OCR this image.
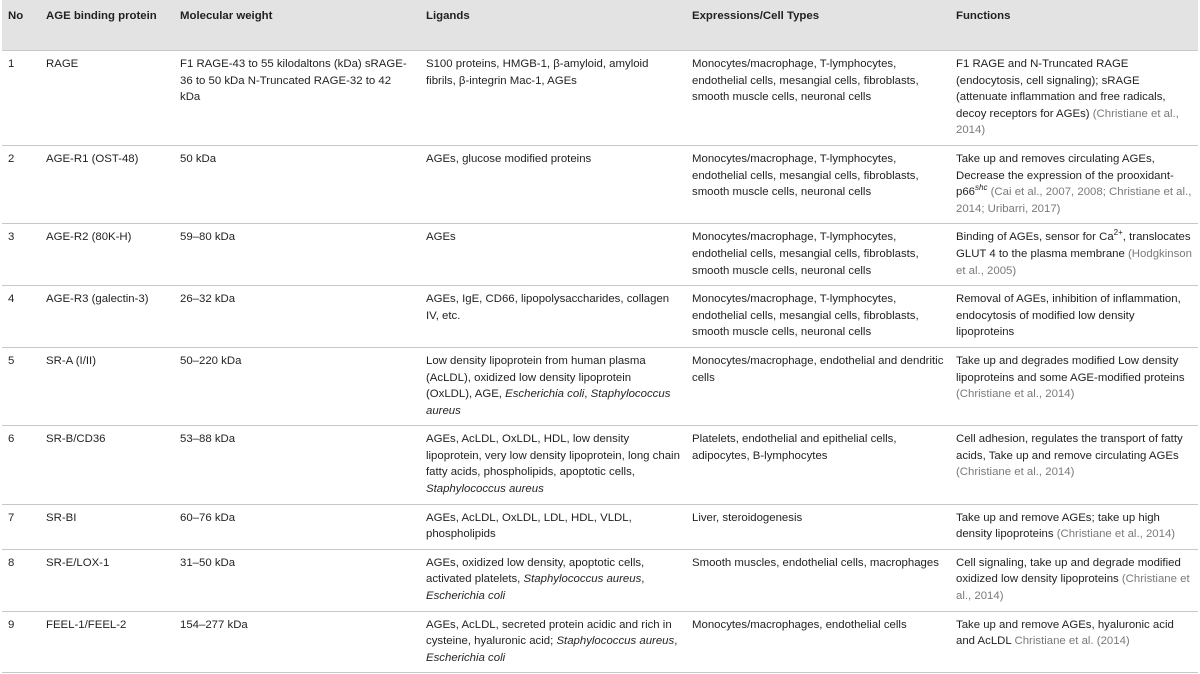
No	AGE binding protein	Molecular weight	Ligands	Expressions/Cell Types	Functions
1	RAGE	F1 RAGE-43 to 55 kilodaltons (kDa) sRAGE-36 to 50 kDa N-Truncated RAGE-32 to 42 kDa	S100 proteins, HMGB-1, β-amyloid, amyloid fibrils, β-integrin Mac-1, AGEs	Monocytes/macrophage, T-lymphocytes, endothelial cells, mesangial cells, fibroblasts, smooth muscle cells, neuronal cells	F1 RAGE and N-Truncated RAGE (endocytosis, cell signaling); sRAGE (attenuate inflammation and free radicals, decoy receptors for AGEs) (Christiane et al., 2014)
2	AGE-R1 (OST-48)	50 kDa	AGEs, glucose modified proteins	Monocytes/macrophage, T-lymphocytes, endothelial cells, mesangial cells, fibroblasts, smooth muscle cells, neuronal cells	Take up and removes circulating AGEs, Decrease the expression of the prooxidant-$p66^{shc}$ (Cai et al., 2007, 2008; Christiane et al., 2014; Uribarri, 2017)
3	AGE-R2 (80K-H)	59–80 kDa	AGEs	Monocytes/macrophage, T-lymphocytes, endothelial cells, mesangial cells, fibroblasts, smooth muscle cells, neuronal cells	Binding of AGEs, sensor for $Ca^{2+}$, translocates GLUT 4 to the plasma membrane (Hodgkinson et al., 2005)
4	AGE-R3 (galectin-3)	26–32 kDa	AGEs, IgE, CD66, lipopolysaccharides, collagen IV, etc.	Monocytes/macrophage, T-lymphocytes, endothelial cells, mesangial cells, fibroblasts, smooth muscle cells, neuronal cells	Removal of AGEs, inhibition of inflammation, endocytosis of modified low density lipoproteins
5	SR-A (I/II)	50–220 kDa	Low density lipoprotein from human plasma (AcLDL), oxidized low density lipoprotein (OxLDL), AGE, Escherichia coli, Staphylococcus aureus	Monocytes/macrophage, endothelial and dendritic cells	Take up and degrades modified Low density lipoproteins and some AGE-modified proteins (Christiane et al., 2014)
6	SR-B/CD36	53–88 kDa	AGEs, AcLDL, OxLDL, HDL, low density lipoprotein, very low density lipoprotein, long chain fatty acids, phospholipids, apoptotic cells, Staphylococcus aureus	Platelets, endothelial and epithelial cells, adipocytes, B-lymphocytes	Cell adhesion, regulates the transport of fatty acids, Take up and remove circulating AGEs (Christiane et al., 2014)
7	SR-BI	60–76 kDa	AGEs, AcLDL, OxLDL, LDL, HDL, VLDL, phospholipids	Liver, steroidogenesis	Take up and remove AGEs; take up high density lipoproteins (Christiane et al., 2014)
8	SR-E/LOX-1	31–50 kDa	AGEs, oxidized low density, apoptotic cells, activated platelets, Staphylococcus aureus, Escherichia coli	Smooth muscles, endothelial cells, macrophages	Cell signaling, take up and degrade modified oxidized low density lipoproteins (Christiane et al., 2014)
9	FEEL-1/FEEL-2	154–277 kDa	AGEs, AcLDL, secreted protein acidic and rich in cysteine, hyaluronic acid; Staphylococcus aureus, Escherichia coli	Monocytes/macrophages, endothelial cells	Take up and remove AGEs, hyaluronic acid and AcLDL Christiane et al. (2014)
